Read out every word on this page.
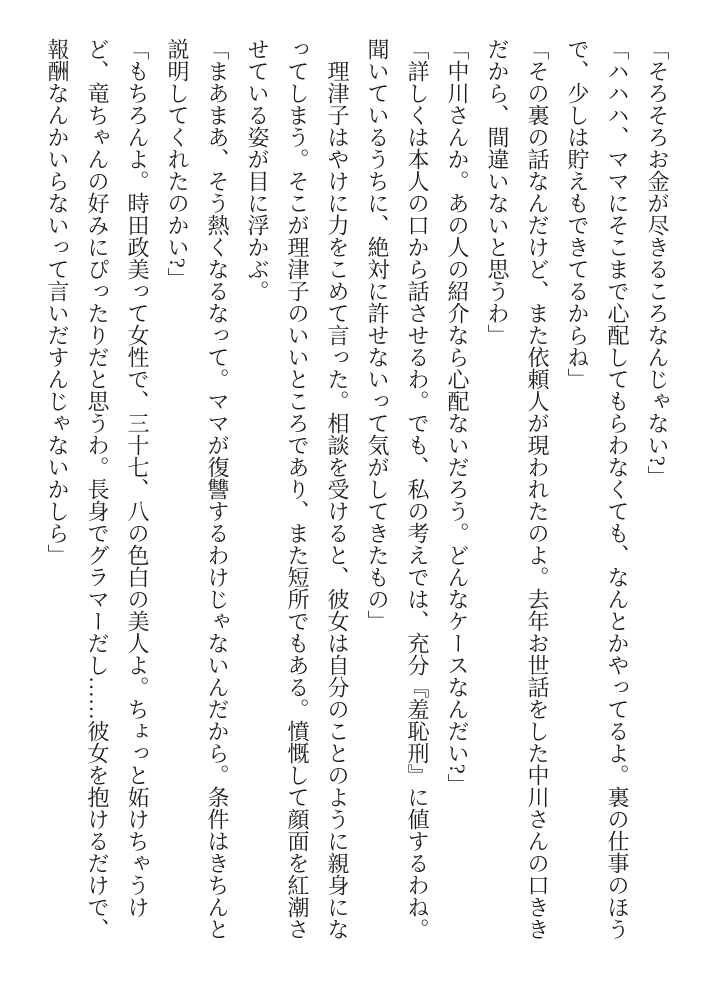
「そろそろお金が尽きるころなんじゃない?」

「ハハハ、ママにそこまで心配してもらわなくても、なんとかやってるよ。裏の仕事のほうで、少しは貯えもできてるからね」

「その裏の話なんだけど、また依頼人が現われたのよ。去年お世話をした中川さんの口ききだから、間違いないと思うわ」

「中川さんか。あの人の紹介なら心配ないだろう。どんなケースなんだい?」

「詳しくは本人の口から話させるわ。でも、私の考えでは、充分『羞恥刑』に値するわね。聞いているうちに、絶対に許せないって気がしてきたもの」

理津子はやけに力をこめて言った。相談を受けると、彼女は自分のことのように親身になってしまう。そこが理津子のいいところであり、また短所でもある。憤慨して顔面を紅潮させている姿が目に浮かぶ。

「まあまあ、そう熱くなるなって。ママが復讐するわけじゃないんだから。条件はきちんと説明してくれたのかい?」

「もちろんよ。時田政美って女性で、三十七、八の色白の美人よ。ちょっと妬けちゃうけど、竜ちゃんの好みにぴったりだと思うわ。長身でグラマーだし……彼女を抱けるだけで、報酬なんかいらないって言いだすんじゃないかしら」
